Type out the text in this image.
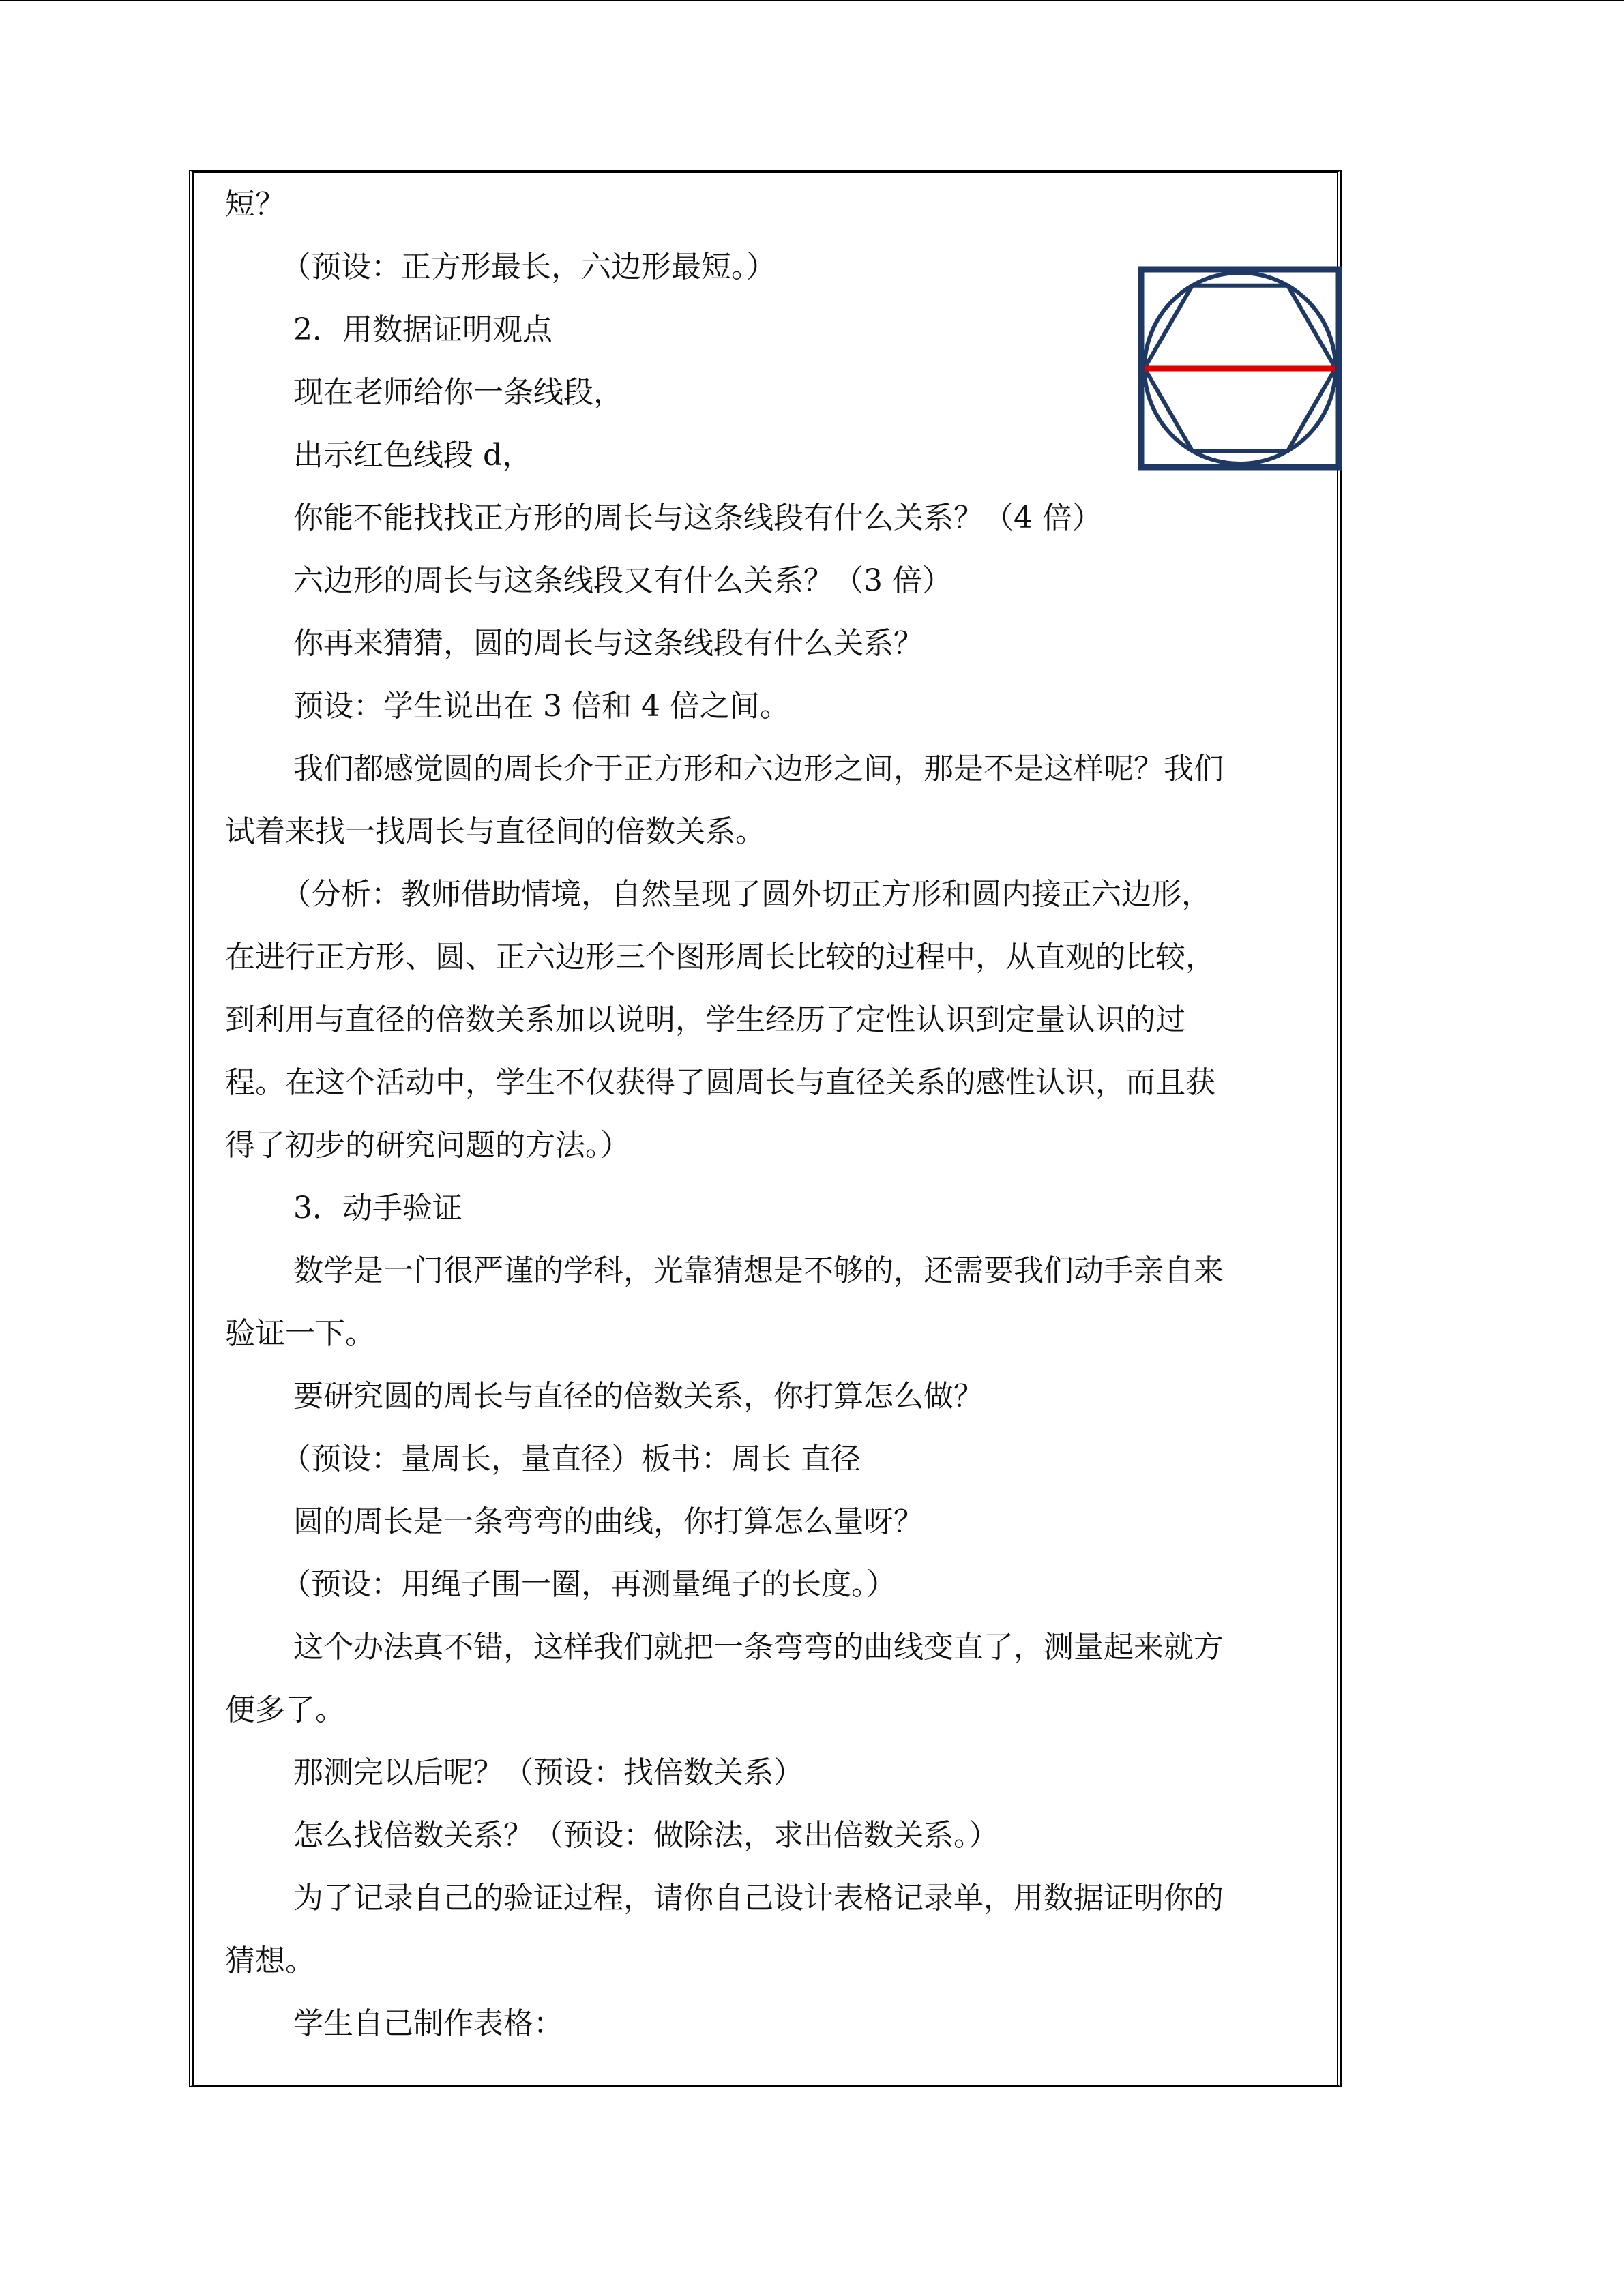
短？
（预设：正方形最长，六边形最短。）
2．用数据证明观点
现在老师给你一条线段，
出示红色线段 d，
你能不能找找正方形的周长与这条线段有什么关系？（4 倍）
六边形的周长与这条线段又有什么关系？（3 倍）
你再来猜猜，圆的周长与这条线段有什么关系？
预设：学生说出在 3 倍和 4 倍之间。
我们都感觉圆的周长介于正方形和六边形之间，那是不是这样呢？我们
试着来找一找周长与直径间的倍数关系。
（分析：教师借助情境，自然呈现了圆外切正方形和圆内接正六边形，
在进行正方形、圆、正六边形三个图形周长比较的过程中，从直观的比较，
到利用与直径的倍数关系加以说明，学生经历了定性认识到定量认识的过
程。在这个活动中，学生不仅获得了圆周长与直径关系的感性认识，而且获
得了初步的研究问题的方法。）
3．动手验证
数学是一门很严谨的学科，光靠猜想是不够的，还需要我们动手亲自来
验证一下。
要研究圆的周长与直径的倍数关系，你打算怎么做？
（预设：量周长，量直径）板书：周长 直径
圆的周长是一条弯弯的曲线，你打算怎么量呀？
（预设：用绳子围一圈，再测量绳子的长度。）
这个办法真不错，这样我们就把一条弯弯的曲线变直了，测量起来就方
便多了。
那测完以后呢？（预设：找倍数关系）
怎么找倍数关系？（预设：做除法，求出倍数关系。）
为了记录自己的验证过程，请你自己设计表格记录单，用数据证明你的
猜想。
学生自己制作表格：
